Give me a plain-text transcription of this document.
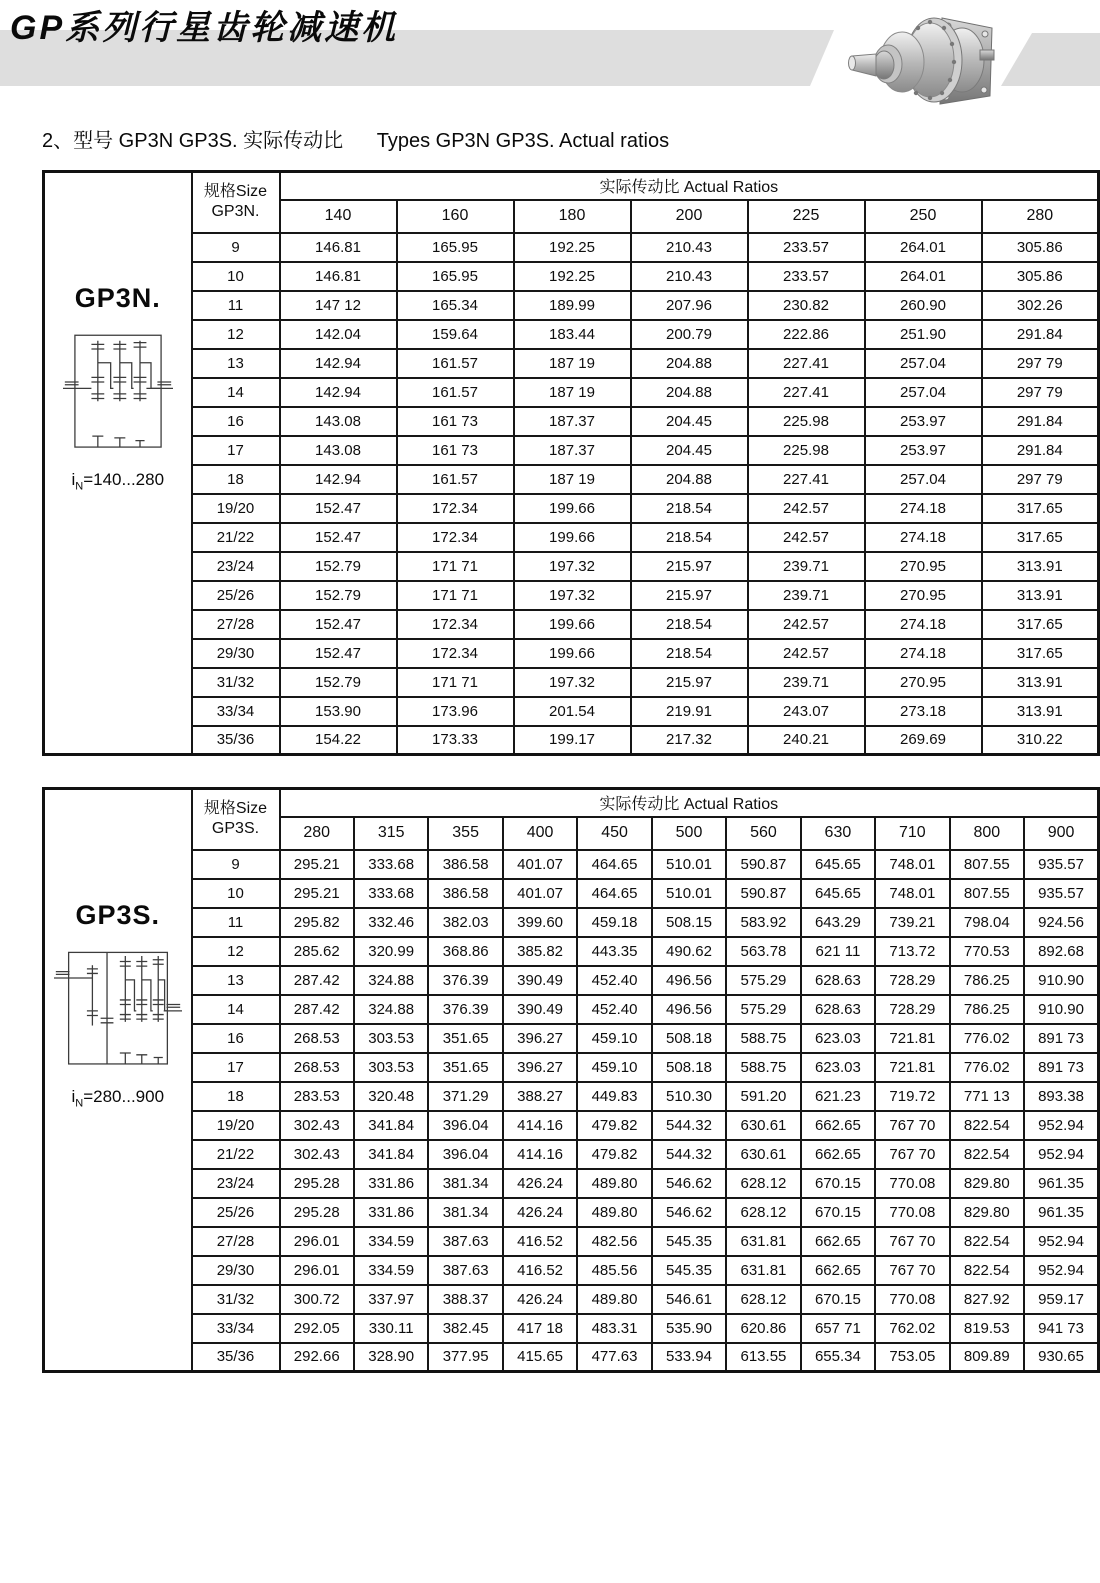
GP系列行星齿轮减速机
2、型号 GP3N GP3S. 实际传动比 Types GP3N GP3S. Actual ratios
GP3N.
$i_N=140...280$

规格Size
GP3N.
	实际传动比 Actual Ratios
		140	160	180	200	225	250	280
	9	146.81	165.95	192.25	210.43	233.57	264.01	305.86
	10	146.81	165.95	192.25	210.43	233.57	264.01	305.86
	11	147 12	165.34	189.99	207.96	230.82	260.90	302.26
	12	142.04	159.64	183.44	200.79	222.86	251.90	291.84
	13	142.94	161.57	187 19	204.88	227.41	257.04	297 79
	14	142.94	161.57	187 19	204.88	227.41	257.04	297 79
	16	143.08	161 73	187.37	204.45	225.98	253.97	291.84
	17	143.08	161 73	187.37	204.45	225.98	253.97	291.84
	18	142.94	161.57	187 19	204.88	227.41	257.04	297 79
	19/20	152.47	172.34	199.66	218.54	242.57	274.18	317.65
	21/22	152.47	172.34	199.66	218.54	242.57	274.18	317.65
	23/24	152.79	171 71	197.32	215.97	239.71	270.95	313.91
	25/26	152.79	171 71	197.32	215.97	239.71	270.95	313.91
	27/28	152.47	172.34	199.66	218.54	242.57	274.18	317.65
	29/30	152.47	172.34	199.66	218.54	242.57	274.18	317.65
	31/32	152.79	171 71	197.32	215.97	239.71	270.95	313.91
	33/34	153.90	173.96	201.54	219.91	243.07	273.18	313.91
	35/36	154.22	173.33	199.17	217.32	240.21	269.69	310.22
GP3S.
$i_N=280...900$

规格Size
GP3S.
	实际传动比 Actual Ratios
		280	315	355	400	450	500	560	630	710	800	900
	9	295.21	333.68	386.58	401.07	464.65	510.01	590.87	645.65	748.01	807.55	935.57
	10	295.21	333.68	386.58	401.07	464.65	510.01	590.87	645.65	748.01	807.55	935.57
	11	295.82	332.46	382.03	399.60	459.18	508.15	583.92	643.29	739.21	798.04	924.56
	12	285.62	320.99	368.86	385.82	443.35	490.62	563.78	621 11	713.72	770.53	892.68
	13	287.42	324.88	376.39	390.49	452.40	496.56	575.29	628.63	728.29	786.25	910.90
	14	287.42	324.88	376.39	390.49	452.40	496.56	575.29	628.63	728.29	786.25	910.90
	16	268.53	303.53	351.65	396.27	459.10	508.18	588.75	623.03	721.81	776.02	891 73
	17	268.53	303.53	351.65	396.27	459.10	508.18	588.75	623.03	721.81	776.02	891 73
	18	283.53	320.48	371.29	388.27	449.83	510.30	591.20	621.23	719.72	771 13	893.38
	19/20	302.43	341.84	396.04	414.16	479.82	544.32	630.61	662.65	767 70	822.54	952.94
	21/22	302.43	341.84	396.04	414.16	479.82	544.32	630.61	662.65	767 70	822.54	952.94
	23/24	295.28	331.86	381.34	426.24	489.80	546.62	628.12	670.15	770.08	829.80	961.35
	25/26	295.28	331.86	381.34	426.24	489.80	546.62	628.12	670.15	770.08	829.80	961.35
	27/28	296.01	334.59	387.63	416.52	482.56	545.35	631.81	662.65	767 70	822.54	952.94
	29/30	296.01	334.59	387.63	416.52	485.56	545.35	631.81	662.65	767 70	822.54	952.94
	31/32	300.72	337.97	388.37	426.24	489.80	546.61	628.12	670.15	770.08	827.92	959.17
	33/34	292.05	330.11	382.45	417 18	483.31	535.90	620.86	657 71	762.02	819.53	941 73
	35/36	292.66	328.90	377.95	415.65	477.63	533.94	613.55	655.34	753.05	809.89	930.65
